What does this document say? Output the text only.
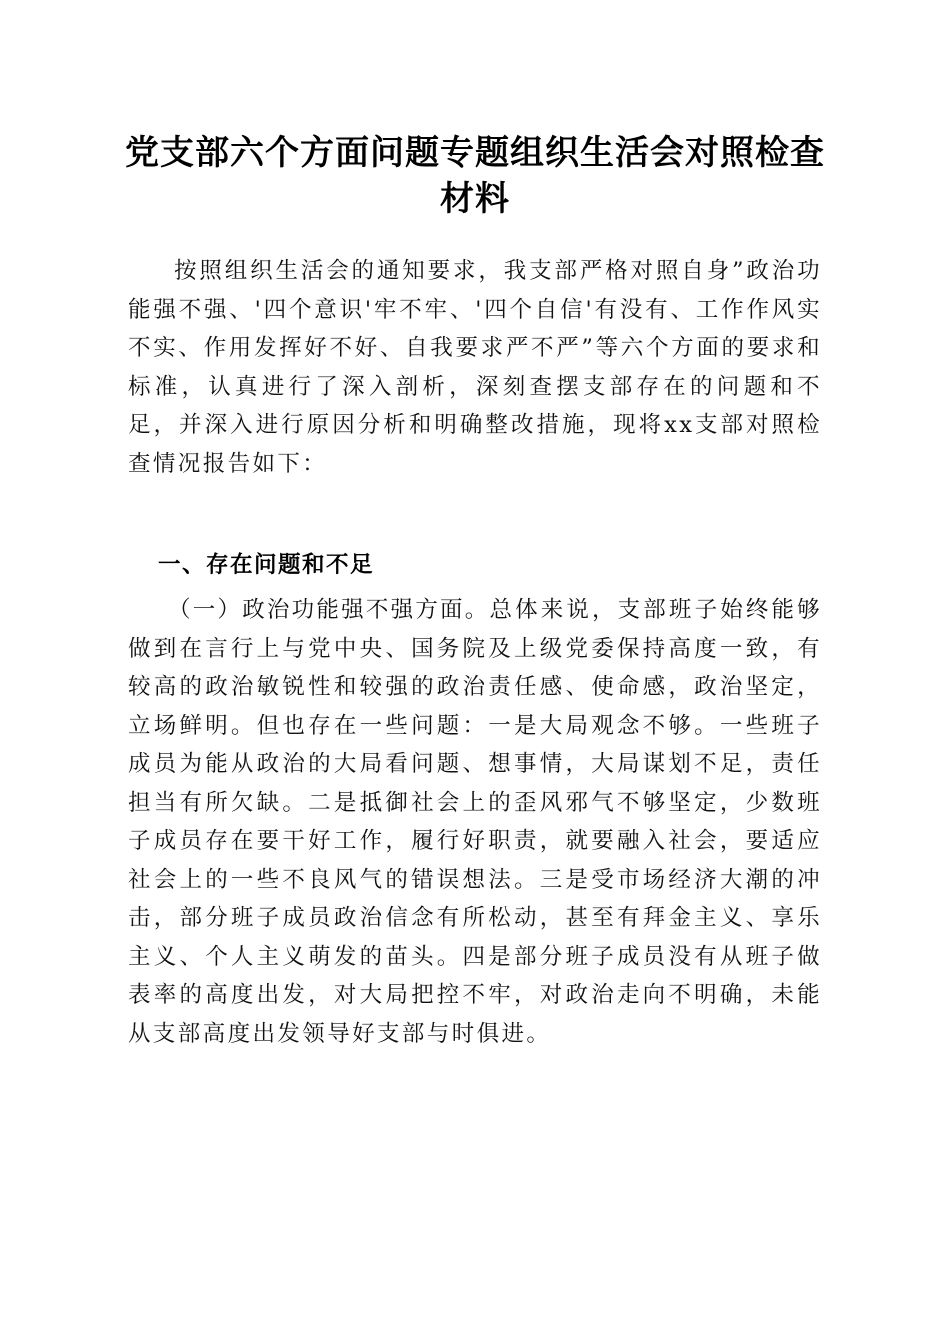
党支部六个方面问题专题组织生活会对照检查
材料

按照组织生活会的通知要求，我支部严格对照自身”政治功能强不强、'四个意识'牢不牢、'四个自信'有没有、工作作风实不实、作用发挥好不好、自我要求严不严”等六个方面的要求和标准，认真进行了深入剖析，深刻查摆支部存在的问题和不足，并深入进行原因分析和明确整改措施，现将xx支部对照检查情况报告如下：

一、存在问题和不足

（一）政治功能强不强方面。总体来说，支部班子始终能够做到在言行上与党中央、国务院及上级党委保持高度一致，有较高的政治敏锐性和较强的政治责任感、使命感，政治坚定，立场鲜明。但也存在一些问题：一是大局观念不够。一些班子成员为能从政治的大局看问题、想事情，大局谋划不足，责任担当有所欠缺。二是抵御社会上的歪风邪气不够坚定，少数班子成员存在要干好工作，履行好职责，就要融入社会，要适应社会上的一些不良风气的错误想法。三是受市场经济大潮的冲击，部分班子成员政治信念有所松动，甚至有拜金主义、享乐主义、个人主义萌发的苗头。四是部分班子成员没有从班子做表率的高度出发，对大局把控不牢，对政治走向不明确，未能从支部高度出发领导好支部与时俱进。
